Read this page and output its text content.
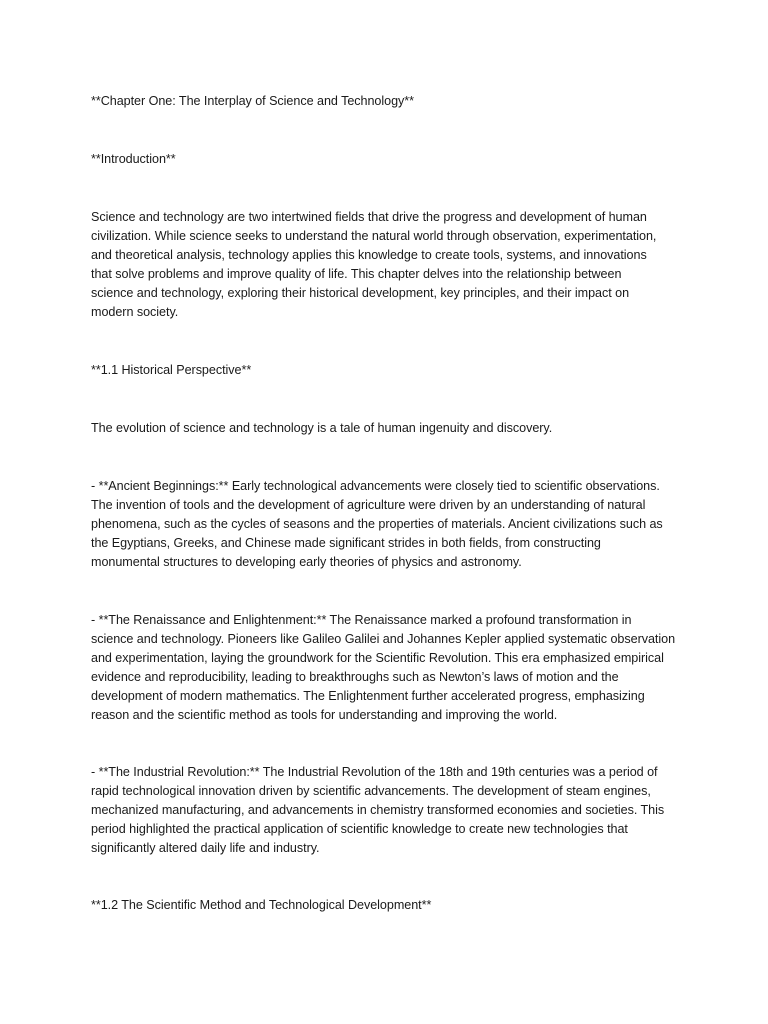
**Chapter One: The Interplay of Science and Technology**
**Introduction**
Science and technology are two intertwined fields that drive the progress and development of human
civilization. While science seeks to understand the natural world through observation, experimentation,
and theoretical analysis, technology applies this knowledge to create tools, systems, and innovations
that solve problems and improve quality of life. This chapter delves into the relationship between
science and technology, exploring their historical development, key principles, and their impact on
modern society.
**1.1 Historical Perspective**
The evolution of science and technology is a tale of human ingenuity and discovery.
- **Ancient Beginnings:** Early technological advancements were closely tied to scientific observations.
The invention of tools and the development of agriculture were driven by an understanding of natural
phenomena, such as the cycles of seasons and the properties of materials. Ancient civilizations such as
the Egyptians, Greeks, and Chinese made significant strides in both fields, from constructing
monumental structures to developing early theories of physics and astronomy.
- **The Renaissance and Enlightenment:** The Renaissance marked a profound transformation in
science and technology. Pioneers like Galileo Galilei and Johannes Kepler applied systematic observation
and experimentation, laying the groundwork for the Scientific Revolution. This era emphasized empirical
evidence and reproducibility, leading to breakthroughs such as Newton’s laws of motion and the
development of modern mathematics. The Enlightenment further accelerated progress, emphasizing
reason and the scientific method as tools for understanding and improving the world.
- **The Industrial Revolution:** The Industrial Revolution of the 18th and 19th centuries was a period of
rapid technological innovation driven by scientific advancements. The development of steam engines,
mechanized manufacturing, and advancements in chemistry transformed economies and societies. This
period highlighted the practical application of scientific knowledge to create new technologies that
significantly altered daily life and industry.
**1.2 The Scientific Method and Technological Development**
